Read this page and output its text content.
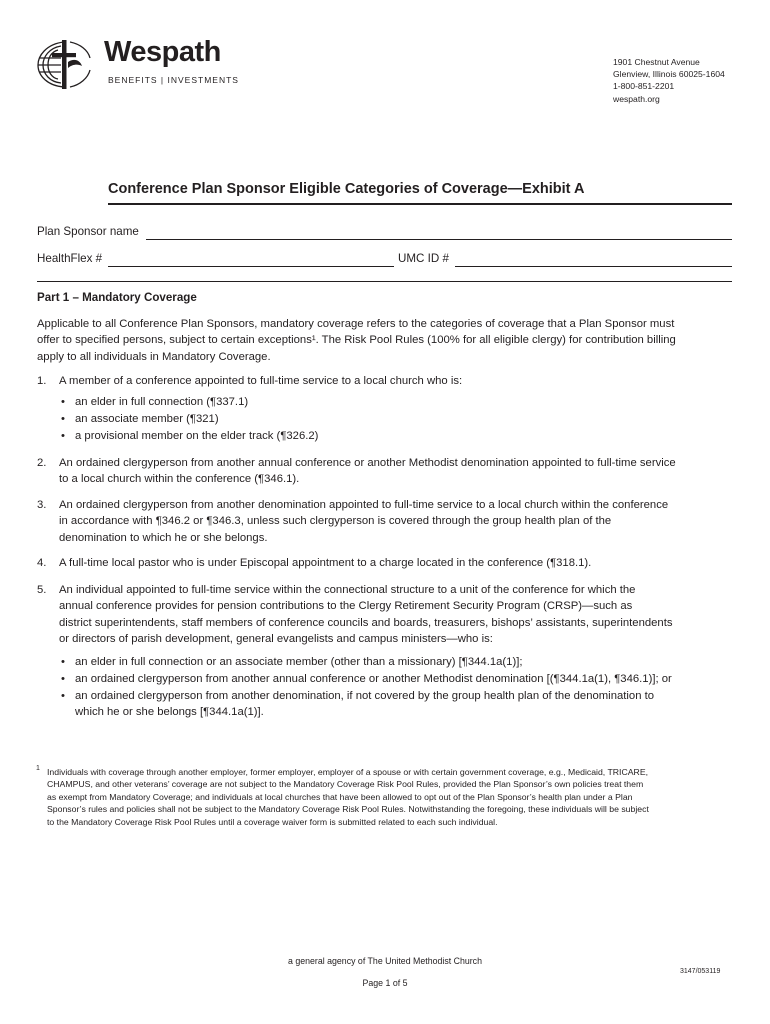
Wespath
BENEFITS | INVESTMENTS
1901 Chestnut Avenue
Glenview, Illinois 60025-1604
1-800-851-2201
wespath.org
Conference Plan Sponsor Eligible Categories of Coverage—Exhibit A
Plan Sponsor name
HealthFlex #	UMC ID #
Part 1 – Mandatory Coverage
Applicable to all Conference Plan Sponsors, mandatory coverage refers to the categories of coverage that a Plan Sponsor must
offer to specified persons, subject to certain exceptions¹. The Risk Pool Rules (100% for all eligible clergy) for contribution billing
apply to all individuals in Mandatory Coverage.
1. A member of a conference appointed to full-time service to a local church who is:
• an elder in full connection (¶337.1)
• an associate member (¶321)
• a provisional member on the elder track (¶326.2)
2. An ordained clergyperson from another annual conference or another Methodist denomination appointed to full-time service
to a local church within the conference (¶346.1).
3. An ordained clergyperson from another denomination appointed to full-time service to a local church within the conference
in accordance with ¶346.2 or ¶346.3, unless such clergyperson is covered through the group health plan of the
denomination to which he or she belongs.
4. A full-time local pastor who is under Episcopal appointment to a charge located in the conference (¶318.1).
5. An individual appointed to full-time service within the connectional structure to a unit of the conference for which the
annual conference provides for pension contributions to the Clergy Retirement Security Program (CRSP)—such as
district superintendents, staff members of conference councils and boards, treasurers, bishops’ assistants, superintendents
or directors of parish development, general evangelists and campus ministers—who is:
• an elder in full connection or an associate member (other than a missionary) [¶344.1a(1)];
• an ordained clergyperson from another annual conference or another Methodist denomination [(¶344.1a(1), ¶346.1)]; or
• an ordained clergyperson from another denomination, if not covered by the group health plan of the denomination to
which he or she belongs [¶344.1a(1)].
1 Individuals with coverage through another employer, former employer, employer of a spouse or with certain government coverage, e.g., Medicaid, TRICARE,
CHAMPUS, and other veterans’ coverage are not subject to the Mandatory Coverage Risk Pool Rules, provided the Plan Sponsor’s own policies treat them
as exempt from Mandatory Coverage; and individuals at local churches that have been allowed to opt out of the Plan Sponsor’s health plan under a Plan
Sponsor’s rules and policies shall not be subject to the Mandatory Coverage Risk Pool Rules. Notwithstanding the foregoing, these individuals will be subject
to the Mandatory Coverage Risk Pool Rules until a coverage waiver form is submitted related to each such individual.
a general agency of The United Methodist Church
3147/053119
Page 1 of 5
